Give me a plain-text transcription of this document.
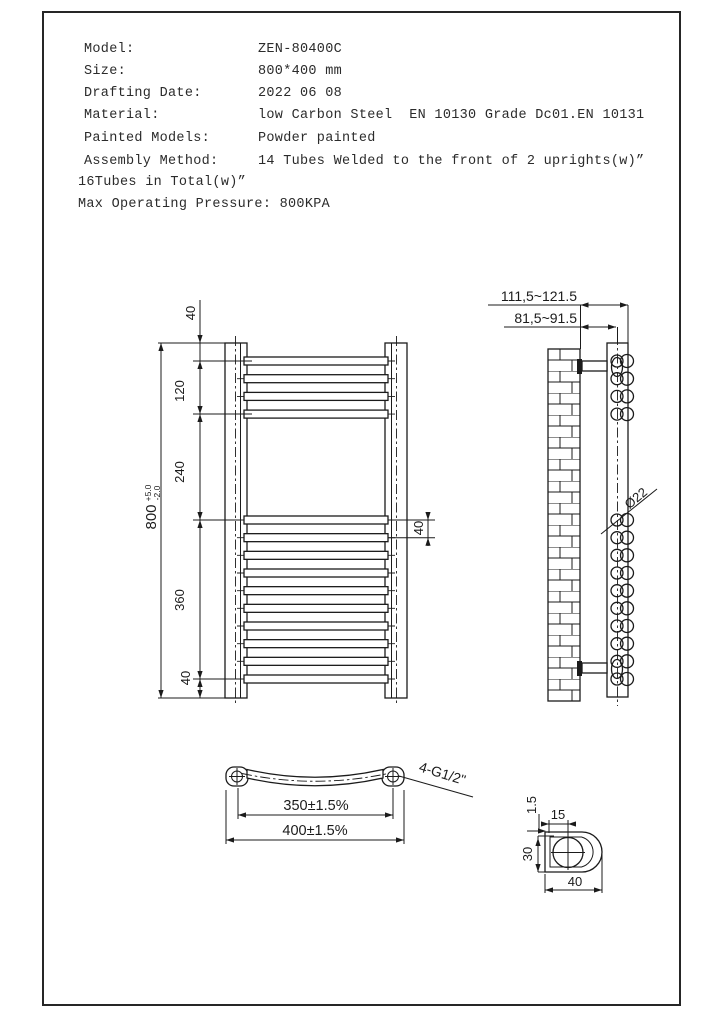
40
120
240
360
40
40
800
+5.0 -2.0
111,5~121.5
81,5~91.5
Ø22
350±1.5%
400±1.5%
4-G1/2"
15
1.5
30
40

Model:

	ZEN-80400C

Size:

	800*400 mm

Drafting Date:

	2022 06 08

Material:

	low Carbon Steel  EN 10130 Grade Dc01.EN 10131

Painted Models:

	Powder painted

Assembly Method:

	14 Tubes Welded to the front of 2 uprights(w)”

16Tubes in Total(w)”
Max Operating Pressure: 800KPA
